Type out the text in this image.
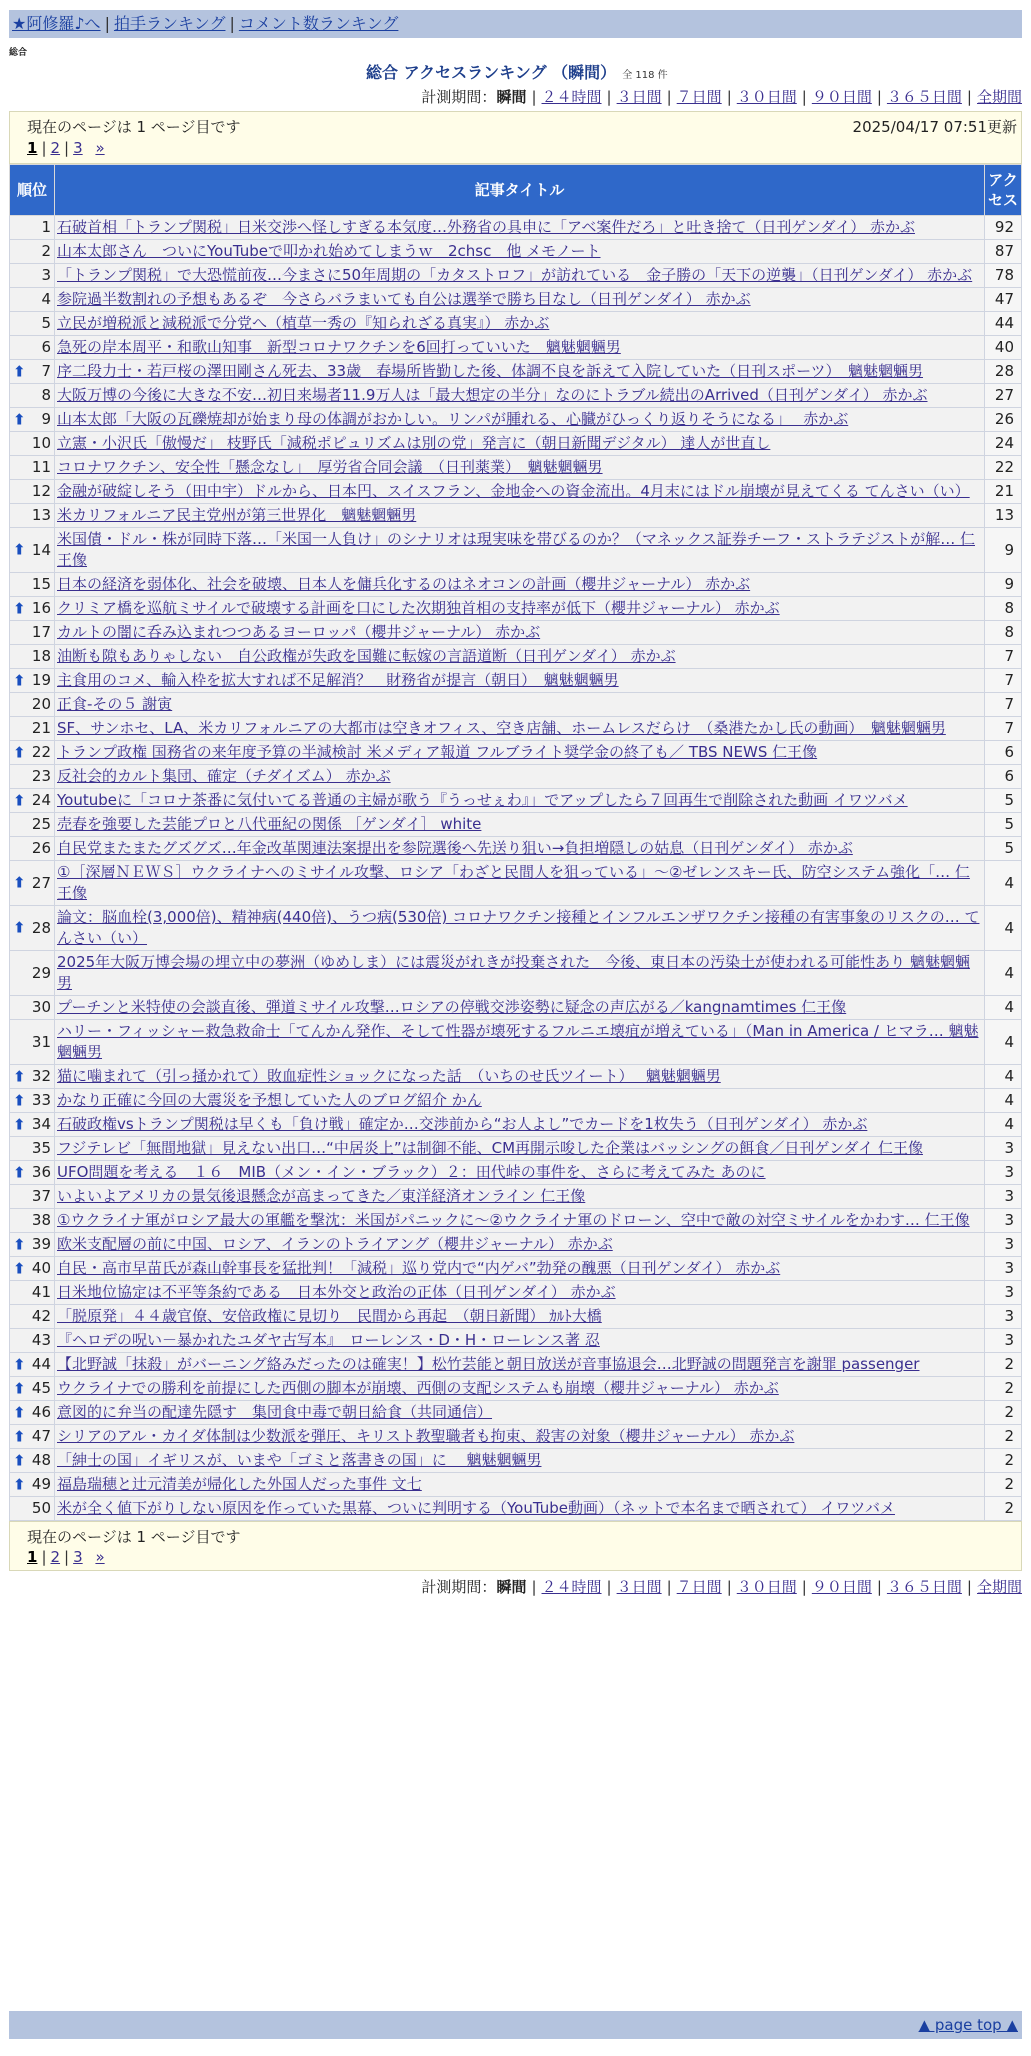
★阿修羅♪へ | 拍手ランキング | コメント数ランキング
総合
総合 アクセスランキング （瞬間） 全 118 件
計測期間：瞬間 | ２４時間 | ３日間 | ７日間 | ３０日間 | ９０日間 | ３６５日間 | 全期間
現在のページは 1 ページ目です	2025/04/17 07:51更新
1 | 2 | 3 »
順位	記事タイトル	アクセス
1	石破首相「トランプ関税」日米交渉へ怪しすぎる本気度…外務省の具申に「アベ案件だろ」と吐き捨て（日刊ゲンダイ） 赤かぶ	92
2	山本太郎さん　ついにYouTubeで叩かれ始めてしまうｗ　2chsc　他 メモノート	87
3	「トランプ関税」で大恐慌前夜…今まさに50年周期の「カタストロフ」が訪れている　金子勝の「天下の逆襲」（日刊ゲンダイ） 赤かぶ	78
4	参院過半数割れの予想もあるぞ　今さらバラまいても自公は選挙で勝ち目なし（日刊ゲンダイ） 赤かぶ	47
5	立民が増税派と減税派で分党へ（植草一秀の『知られざる真実』） 赤かぶ	44
6	急死の岸本周平・和歌山知事　新型コロナワクチンを6回打っていいた　魑魅魍魎男	40

⬆ 7	序二段力士・若戸桜の澤田剛さん死去、33歳　春場所皆勤した後、体調不良を訴えて入院していた（日刊スポーツ）　魑魅魍魎男	28
8	大阪万博の今後に大きな不安…初日来場者11.9万人は「最大想定の半分」なのにトラブル続出のArrived（日刊ゲンダイ） 赤かぶ	27

⬆ 9	山本太郎「大阪の瓦礫焼却が始まり母の体調がおかしい。リンパが腫れる、心臓がひっくり返りそうになる」　 赤かぶ	26
10	立憲・小沢氏「傲慢だ」 枝野氏「減税ポピュリズムは別の党」発言に（朝日新聞デジタル） 達人が世直し	24
11	コロナワクチン、安全性「懸念なし」　厚労省合同会議　（日刊薬業）　魑魅魍魎男	22
12	金融が破綻しそう（田中宇）ドルから、日本円、スイスフラン、金地金への資金流出。4月末にはドル崩壊が見えてくる てんさい（い）	21
13	米カリフォルニア民主党州が第三世界化　魑魅魍魎男	13

⬆ 14	米国債・ドル・株が同時下落…「米国一人負け」のシナリオは現実味を帯びるのか？（マネックス証券チーフ・ストラテジストが解… 仁王像	9
15	日本の経済を弱体化、社会を破壊、日本人を傭兵化するのはネオコンの計画（櫻井ジャーナル） 赤かぶ	9

⬆ 16	クリミア橋を巡航ミサイルで破壊する計画を口にした次期独首相の支持率が低下（櫻井ジャーナル） 赤かぶ	8
17	カルトの闇に呑み込まれつつあるヨーロッパ（櫻井ジャーナル） 赤かぶ	8
18	油断も隙もありゃしない　自公政権が失政を国難に転嫁の言語道断（日刊ゲンダイ） 赤かぶ	7

⬆ 19	主食用のコメ、輸入枠を拡大すれば不足解消？　財務省が提言（朝日）　魑魅魍魎男	7
20	正食-その５ 謝寅	7
21	SF、サンホセ、LA、米カリフォルニアの大都市は空きオフィス、空き店舗、ホームレスだらけ　（桑港たかし氏の動画）　魑魅魍魎男	7

⬆ 22	トランプ政権 国務省の来年度予算の半減検討 米メディア報道 フルブライト奨学金の終了も／ TBS NEWS 仁王像	6
23	反社会的カルト集団、確定（チダイズム） 赤かぶ	6

⬆ 24	Youtubeに「コロナ茶番に気付いてる普通の主婦が歌う『うっせぇわ』」でアップしたら７回再生で削除された動画 イワツバメ	5
25	売春を強要した芸能プロと八代亜紀の関係 ［ゲンダイ］ white	5
26	自民党またまたグズグズ…年金改革関連法案提出を参院選後へ先送り狙い→負担増隠しの姑息（日刊ゲンダイ） 赤かぶ	5

⬆ 27	①［深層ＮＥＷＳ］ウクライナへのミサイル攻撃、ロシア「わざと民間人を狙っている」～②ゼレンスキー氏、防空システム強化「… 仁王像	4

⬆ 28	論文：脳血栓(3,000倍)、精神病(440倍)、うつ病(530倍) コロナワクチン接種とインフルエンザワクチン接種の有害事象のリスクの… てんさい（い）	4
29	2025年大阪万博会場の埋立中の夢洲（ゆめしま）には震災がれきが投棄された　今後、東日本の汚染土が使われる可能性あり 魑魅魍魎男	4
30	プーチンと米特使の会談直後、弾道ミサイル攻撃…ロシアの停戦交渉姿勢に疑念の声広がる／kangnamtimes 仁王像	4
31	ハリー・フィッシャー救急救命士「てんかん発作、そして性器が壊死するフルニエ壊疽が増えている」（Man in America / ヒマラ… 魑魅魍魎男	4

⬆ 32	猫に噛まれて（引っ掻かれて）敗血症性ショックになった話　（いちのせ氏ツイート）　 魑魅魍魎男	4

⬆ 33	かなり正確に今回の大震災を予想していた人のブログ紹介 かん	4

⬆ 34	石破政権vsトランプ関税は早くも「負け戦」確定か…交渉前から“お人よし”でカードを1枚失う（日刊ゲンダイ） 赤かぶ	4
35	フジテレビ「無間地獄」見えない出口…“中居炎上”は制御不能、CM再開示唆した企業はバッシングの餌食／日刊ゲンダイ 仁王像	3

⬆ 36	UFO問題を考える　１６　MIB（メン・イン・ブラック）２：田代峠の事件を、さらに考えてみた あのに	3
37	いよいよアメリカの景気後退懸念が高まってきた／東洋経済オンライン 仁王像	3
38	①ウクライナ軍がロシア最大の軍艦を撃沈：米国がパニックに～②ウクライナ軍のドローン、空中で敵の対空ミサイルをかわす… 仁王像	3

⬆ 39	欧米支配層の前に中国、ロシア、イランのトライアング（櫻井ジャーナル） 赤かぶ	3

⬆ 40	自民・高市早苗氏が森山幹事長を猛批判！「減税」巡り党内で“内ゲバ”勃発の醜悪（日刊ゲンダイ） 赤かぶ	3
41	日米地位協定は不平等条約である　日本外交と政治の正体（日刊ゲンダイ） 赤かぶ	3
42	「脱原発」４４歳官僚、安倍政権に見切り　民間から再起　（朝日新聞） ｶﾙﾄ大橋	3
43	『ヘロデの呪い－暴かれたユダヤ古写本』　ローレンス・D・H・ローレンス著 忍	3

⬆ 44	【北野誠「抹殺」がバーニング絡みだったのは確実！】松竹芸能と朝日放送が音事協退会…北野誠の問題発言を謝罪 passenger	2

⬆ 45	ウクライナでの勝利を前提にした西側の脚本が崩壊、西側の支配システムも崩壊（櫻井ジャーナル） 赤かぶ	2

⬆ 46	意図的に弁当の配達先隠す　集団食中毒で朝日給食（共同通信）	2

⬆ 47	シリアのアル・カイダ体制は少数派を弾圧、キリスト教聖職者も拘束、殺害の対象（櫻井ジャーナル） 赤かぶ	2

⬆ 48	「紳士の国」イギリスが、いまや「ゴミと落書きの国」に　 魑魅魍魎男	2

⬆ 49	福島瑞穂と辻元清美が帰化した外国人だった事件 文七	2
50	米が全く値下がりしない原因を作っていた黒幕、ついに判明する（YouTube動画）（ネットで本名まで晒されて） イワツバメ	2
現在のページは 1 ページ目です
1 | 2 | 3 »
計測期間：瞬間 | ２４時間 | ３日間 | ７日間 | ３０日間 | ９０日間 | ３６５日間 | 全期間
▲ page top ▲
